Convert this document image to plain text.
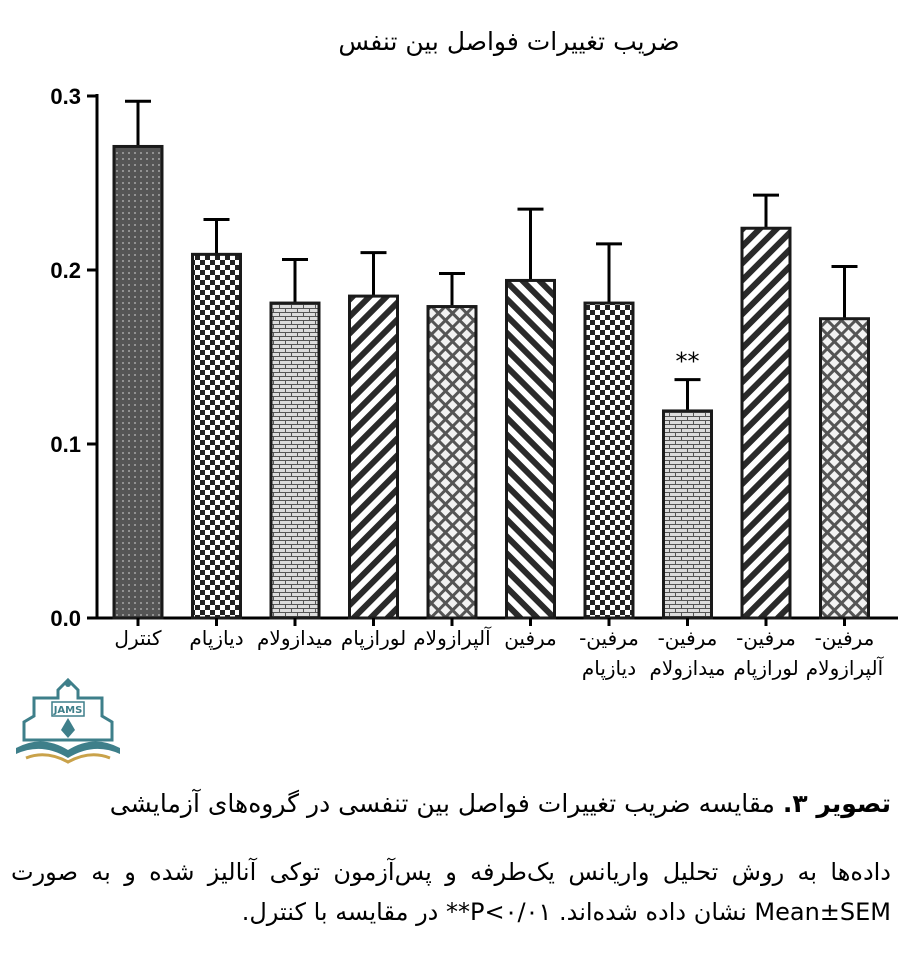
ضریب تغییرات فواصل بین تنفس
0.0
0.1
0.2
0.3
کنترل دیازپام میدازولام لورازپام آلپرازولام مرفین مرفین-
دیازپام
مرفین-
میدازولام
مرفین-
لورازپام
مرفین-
آلپرازولام
**
JAMS
تصویر ۳. مقایسه ضریب تغییرات فواصل بین تنفسی در گروه‌های آزمایشی
داده‌ها به روش تحلیل واریانس یک‌طرفه و پس‌آزمون توکی آنالیز شده و به صورت Mean±SEM نشان داده شده‌اند. **P<۰/۰۱ در مقایسه با کنترل.
